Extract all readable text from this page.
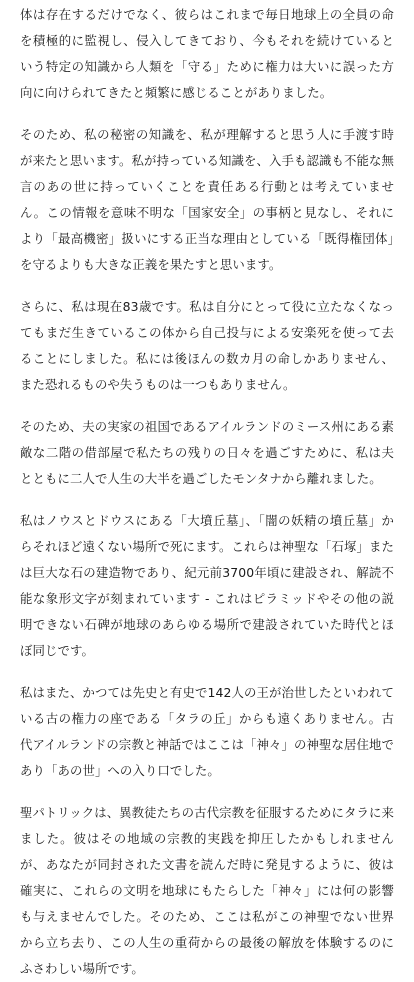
体は存在するだけでなく、彼らはこれまで毎日地球上の全員の命を積極的に監視し、侵入してきており、今もそれを続けているという特定の知識から人類を「守る」ために権力は大いに誤った方向に向けられてきたと頻繁に感じることがありました。

そのため、私の秘密の知識を、私が理解すると思う人に手渡す時が来たと思います。私が持っている知識を、入手も認識も不能な無言のあの世に持っていくことを責任ある行動とは考えていません。この情報を意味不明な「国家安全」の事柄と見なし、それにより「最高機密」扱いにする正当な理由としている「既得権団体」を守るよりも大きな正義を果たすと思います。

さらに、私は現在83歳です。私は自分にとって役に立たなくなってもまだ生きているこの体から自己投与による安楽死を使って去ることにしました。私には後ほんの数カ月の命しかありません、また恐れるものや失うものは一つもありません。

そのため、夫の実家の祖国であるアイルランドのミース州にある素敵な二階の借部屋で私たちの残りの日々を過ごすために、私は夫とともに二人で人生の大半を過ごしたモンタナから離れました。

私はノウスとドウスにある「大墳丘墓」、「闇の妖精の墳丘墓」からそれほど遠くない場所で死にます。これらは神聖な「石塚」または巨大な石の建造物であり、紀元前3700年頃に建設され、解読不能な象形文字が刻まれています - これはピラミッドやその他の説明できない石碑が地球のあらゆる場所で建設されていた時代とほぼ同じです。

私はまた、かつては先史と有史で142人の王が治世したといわれている古の権力の座である「タラの丘」からも遠くありません。古代アイルランドの宗教と神話ではここは「神々」の神聖な居住地であり「あの世」への入り口でした。

聖パトリックは、異教徒たちの古代宗教を征服するためにタラに来ました。彼はその地域の宗教的実践を抑圧したかもしれませんが、あなたが同封された文書を読んだ時に発見するように、彼は確実に、これらの文明を地球にもたらした「神々」には何の影響も与えませんでした。そのため、ここは私がこの神聖でない世界から立ち去り、この人生の重荷からの最後の解放を体験するのにふさわしい場所です。
